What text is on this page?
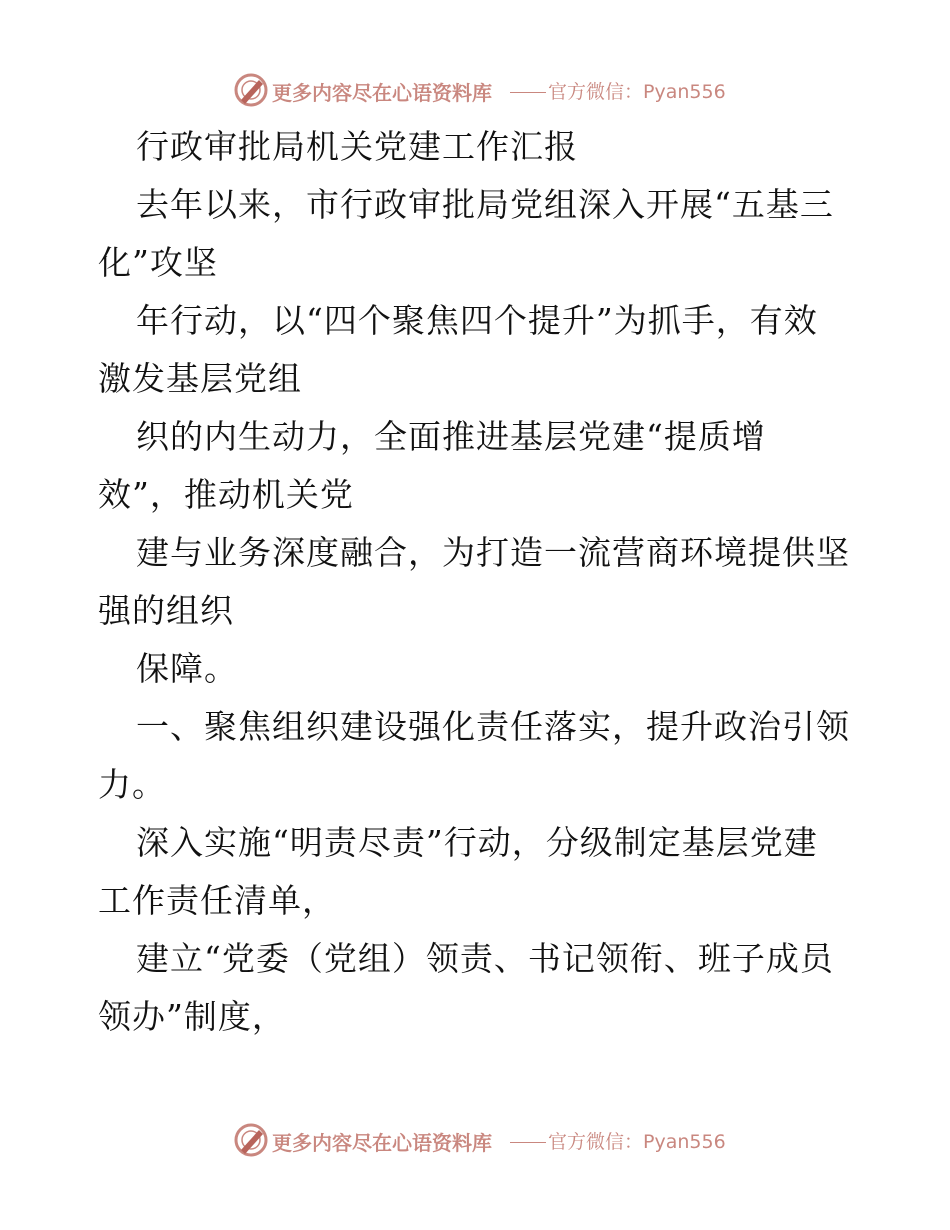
更多内容尽在心语资料库	官方微信：Pyan556

行政审批局机关党建工作汇报

去年以来，市行政审批局党组深入开展“五基三

化”攻坚

年行动，以“四个聚焦四个提升”为抓手，有效

激发基层党组

织的内生动力，全面推进基层党建“提质增

效”，推动机关党

建与业务深度融合，为打造一流营商环境提供坚

强的组织

保障。

一、聚焦组织建设强化责任落实，提升政治引领

力。

深入实施“明责尽责”行动，分级制定基层党建

工作责任清单，

建立“党委（党组）领责、书记领衔、班子成员

领办”制度，

更多内容尽在心语资料库	官方微信：Pyan556
